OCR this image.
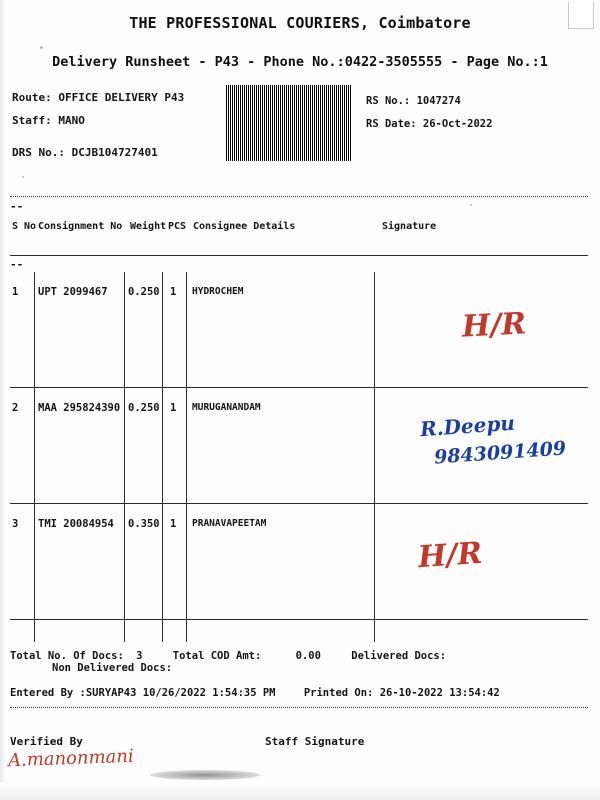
THE PROFESSIONAL COURIERS, Coimbatore
Delivery Runsheet - P43 - Phone No.:0422-3505555 - Page No.:1
Route: OFFICE DELIVERY P43
Staff: MANO
DRS No.: DCJB104727401
RS No.: 1047274
RS Date: 26-Oct-2022
--
S No Consignment No Weight PCS Consignee Details	Signature
--
1 UPT 2099467 0.250 1 HYDROCHEM
H/R
2 MAA 295824390 0.250 1 MURUGANANDAM
R.Deepu
9843091409
3 TMI 20084954 0.350 1 PRANAVAPEETAM
H/R
Total No. Of Docs: 3	Total COD Amt:	0.00	Delivered Docs: Non Delivered Docs:
Entered By :SURYAP43 10/26/2022 1:54:35 PM	Printed On: 26-10-2022 13:54:42
Verified By	Staff Signature
A.manonmani
